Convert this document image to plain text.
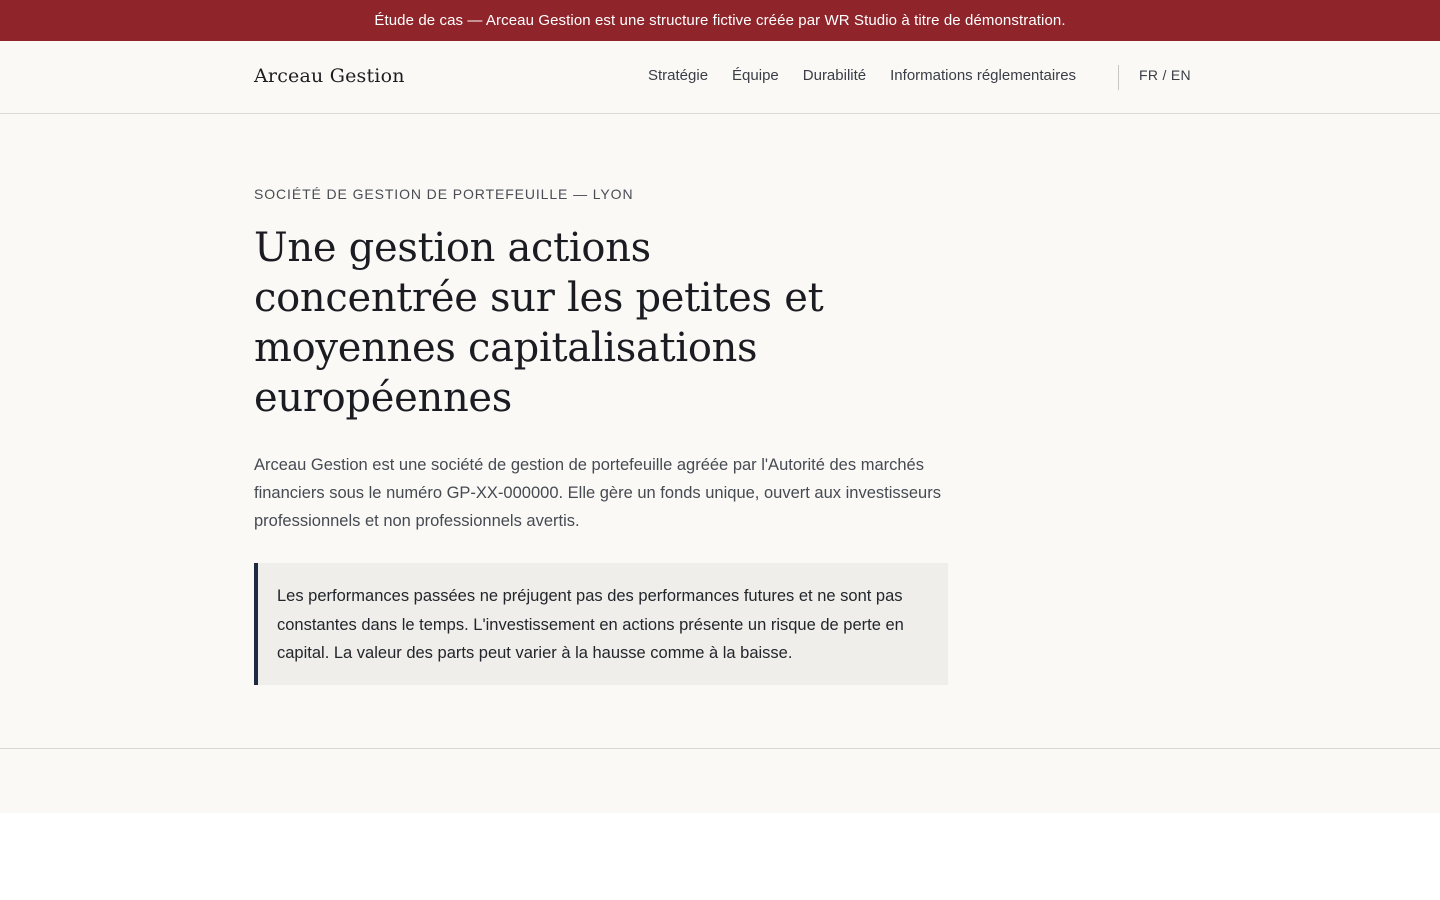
Étude de cas — Arceau Gestion est une structure fictive créée par WR Studio à titre de démonstration.
Arceau Gestion	Stratégie Équipe Durabilité Informations réglementaires	FR / EN

SOCIÉTÉ DE GESTION DE PORTEFEUILLE — LYON

Une gestion actions concentrée sur les petites et moyennes capitalisations européennes

Arceau Gestion est une société de gestion de portefeuille agréée par l'Autorité des marchés financiers sous le numéro GP-XX-000000. Elle gère un fonds unique, ouvert aux investisseurs professionnels et non professionnels avertis.

Les performances passées ne préjugent pas des performances futures et ne sont pas constantes dans le temps. L'investissement en actions présente un risque de perte en capital. La valeur des parts peut varier à la hausse comme à la baisse.
